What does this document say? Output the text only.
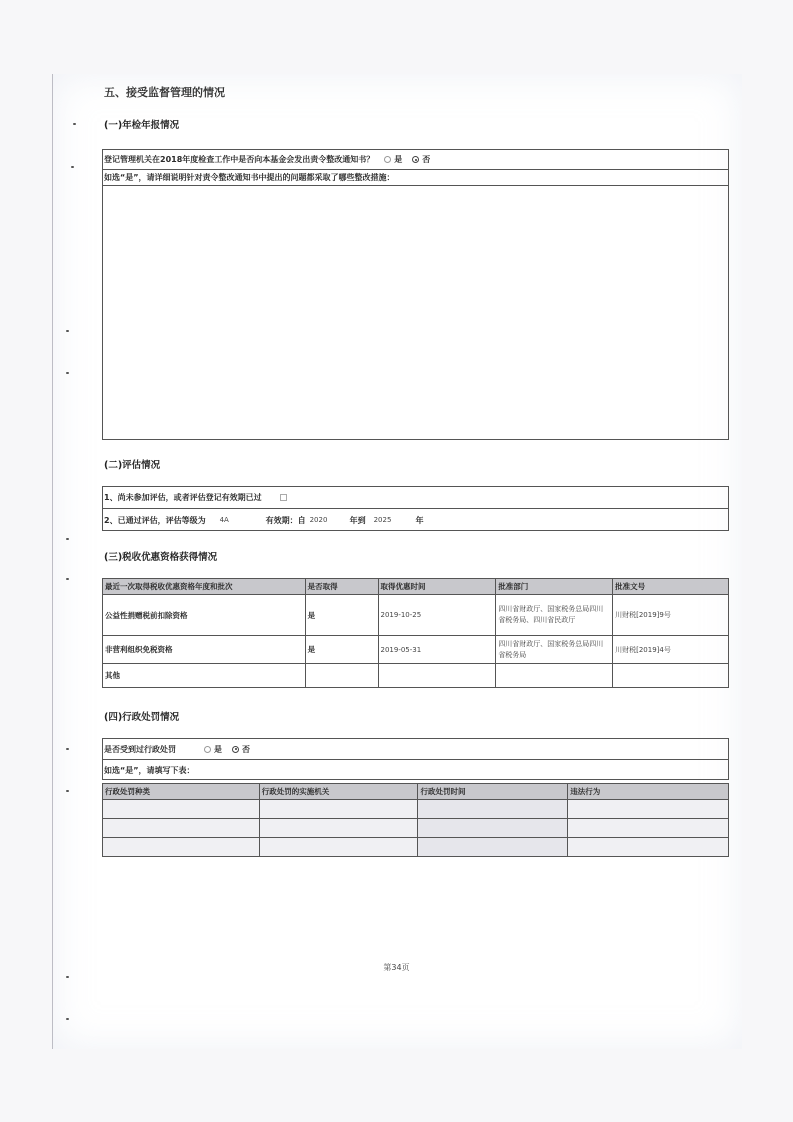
五、接受监督管理的情况
(一)年检年报情况
登记管理机关在2018年度检查工作中是否向本基金会发出责令整改通知书？	是	否
如选“是”，请详细说明针对责令整改通知书中提出的问题都采取了哪些整改措施：
(二)评估情况
1、尚未参加评估，或者评估登记有效期已过
2、已通过评估，评估等级为 4A	有效期：自 2020	年到 2025	年
(三)税收优惠资格获得情况
最近一次取得税收优惠资格年度和批次	是否取得	取得优惠时间	批准部门	批准文号
公益性捐赠税前扣除资格	是	2019-10-25	四川省财政厅、国家税务总局四川省税务局、四川省民政厅	川财税[2019]9号
非营利组织免税资格	是	2019-05-31	四川省财政厅、国家税务总局四川省税务局	川财税[2019]4号
其他				
(四)行政处罚情况
是否受到过行政处罚	是	否
如选“是”，请填写下表：
行政处罚种类	行政处罚的实施机关	行政处罚时间	违法行为

第34页
